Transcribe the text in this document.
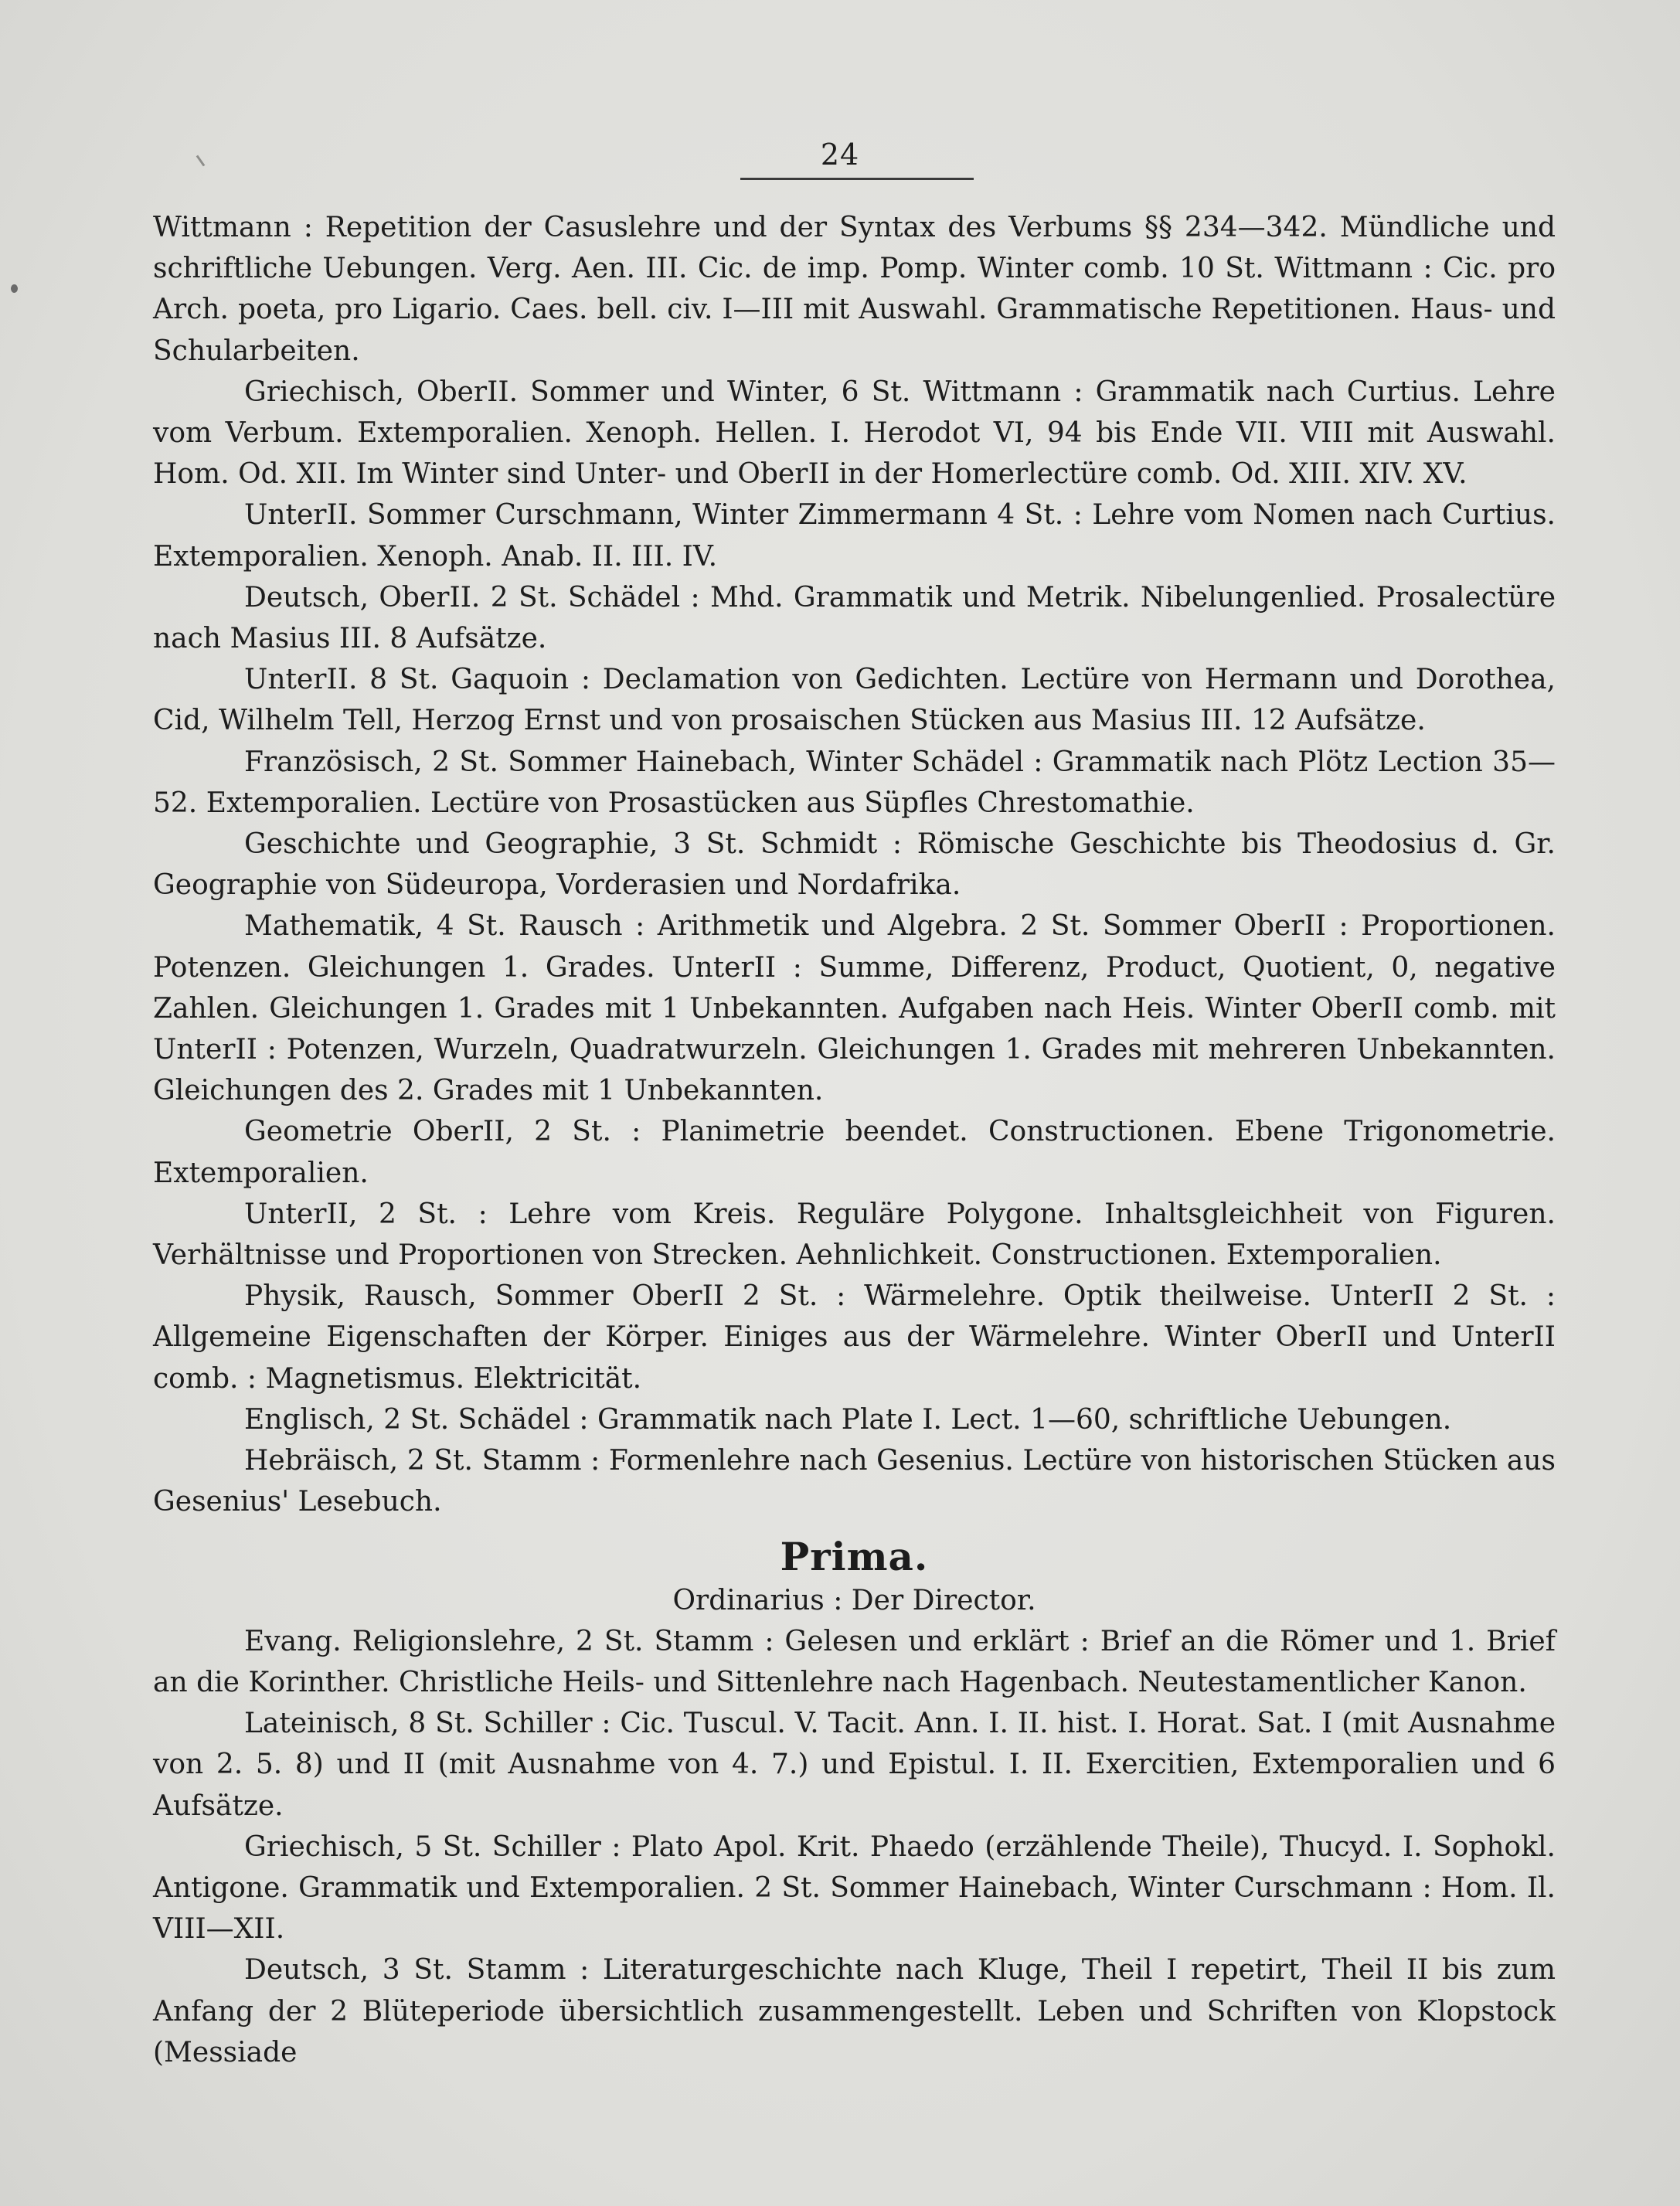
24

Wittmann : Repetition der Casuslehre und der Syntax des Verbums §§ 234—342. Mündliche und schriftliche Uebungen. Verg. Aen. III. Cic. de imp. Pomp. Winter comb. 10 St. Wittmann : Cic. pro Arch. poeta, pro Ligario. Caes. bell. civ. I—III mit Auswahl. Grammatische Repetitionen. Haus- und Schularbeiten.

Griechisch, OberII. Sommer und Winter, 6 St. Wittmann : Grammatik nach Curtius. Lehre vom Verbum. Extemporalien. Xenoph. Hellen. I. Herodot VI, 94 bis Ende VII. VIII mit Auswahl. Hom. Od. XII. Im Winter sind Unter- und OberII in der Homerlectüre comb. Od. XIII. XIV. XV.

UnterII. Sommer Curschmann, Winter Zimmermann 4 St. : Lehre vom Nomen nach Curtius. Extemporalien. Xenoph. Anab. II. III. IV.

Deutsch, OberII. 2 St. Schädel : Mhd. Grammatik und Metrik. Nibelungenlied. Prosalectüre nach Masius III. 8 Aufsätze.

UnterII. 8 St. Gaquoin : Declamation von Gedichten. Lectüre von Hermann und Dorothea, Cid, Wilhelm Tell, Herzog Ernst und von prosaischen Stücken aus Masius III. 12 Aufsätze.

Französisch, 2 St. Sommer Hainebach, Winter Schädel : Grammatik nach Plötz Lection 35—52. Extemporalien. Lectüre von Prosastücken aus Süpfles Chrestomathie.

Geschichte und Geographie, 3 St. Schmidt : Römische Geschichte bis Theodosius d. Gr. Geographie von Südeuropa, Vorderasien und Nordafrika.

Mathematik, 4 St. Rausch : Arithmetik und Algebra. 2 St. Sommer OberII : Proportionen. Potenzen. Gleichungen 1. Grades. UnterII : Summe, Differenz, Product, Quotient, 0, negative Zahlen. Gleichungen 1. Grades mit 1 Unbekannten. Aufgaben nach Heis. Winter OberII comb. mit UnterII : Potenzen, Wurzeln, Quadratwurzeln. Gleichungen 1. Grades mit mehreren Unbekannten. Gleichungen des 2. Grades mit 1 Unbekannten.

Geometrie OberII, 2 St. : Planimetrie beendet. Constructionen. Ebene Trigonometrie. Extemporalien.

UnterII, 2 St. : Lehre vom Kreis. Reguläre Polygone. Inhaltsgleichheit von Figuren. Verhältnisse und Proportionen von Strecken. Aehnlichkeit. Constructionen. Extemporalien.

Physik, Rausch, Sommer OberII 2 St. : Wärmelehre. Optik theilweise. UnterII 2 St. : Allgemeine Eigenschaften der Körper. Einiges aus der Wärmelehre. Winter OberII und UnterII comb. : Magnetismus. Elektricität.

Englisch, 2 St. Schädel : Grammatik nach Plate I. Lect. 1—60, schriftliche Uebungen.

Hebräisch, 2 St. Stamm : Formenlehre nach Gesenius. Lectüre von historischen Stücken aus Gesenius' Lesebuch.

Prima.

Ordinarius : Der Director.

Evang. Religionslehre, 2 St. Stamm : Gelesen und erklärt : Brief an die Römer und 1. Brief an die Korinther. Christliche Heils- und Sittenlehre nach Hagenbach. Neutestamentlicher Kanon.

Lateinisch, 8 St. Schiller : Cic. Tuscul. V. Tacit. Ann. I. II. hist. I. Horat. Sat. I (mit Ausnahme von 2. 5. 8) und II (mit Ausnahme von 4. 7.) und Epistul. I. II. Exercitien, Extemporalien und 6 Aufsätze.

Griechisch, 5 St. Schiller : Plato Apol. Krit. Phaedo (erzählende Theile), Thucyd. I. Sophokl. Antigone. Grammatik und Extemporalien. 2 St. Sommer Hainebach, Winter Curschmann : Hom. Il. VIII—XII.

Deutsch, 3 St. Stamm : Literaturgeschichte nach Kluge, Theil I repetirt, Theil II bis zum Anfang der 2 Blüteperiode übersichtlich zusammengestellt. Leben und Schriften von Klopstock (Messiade
